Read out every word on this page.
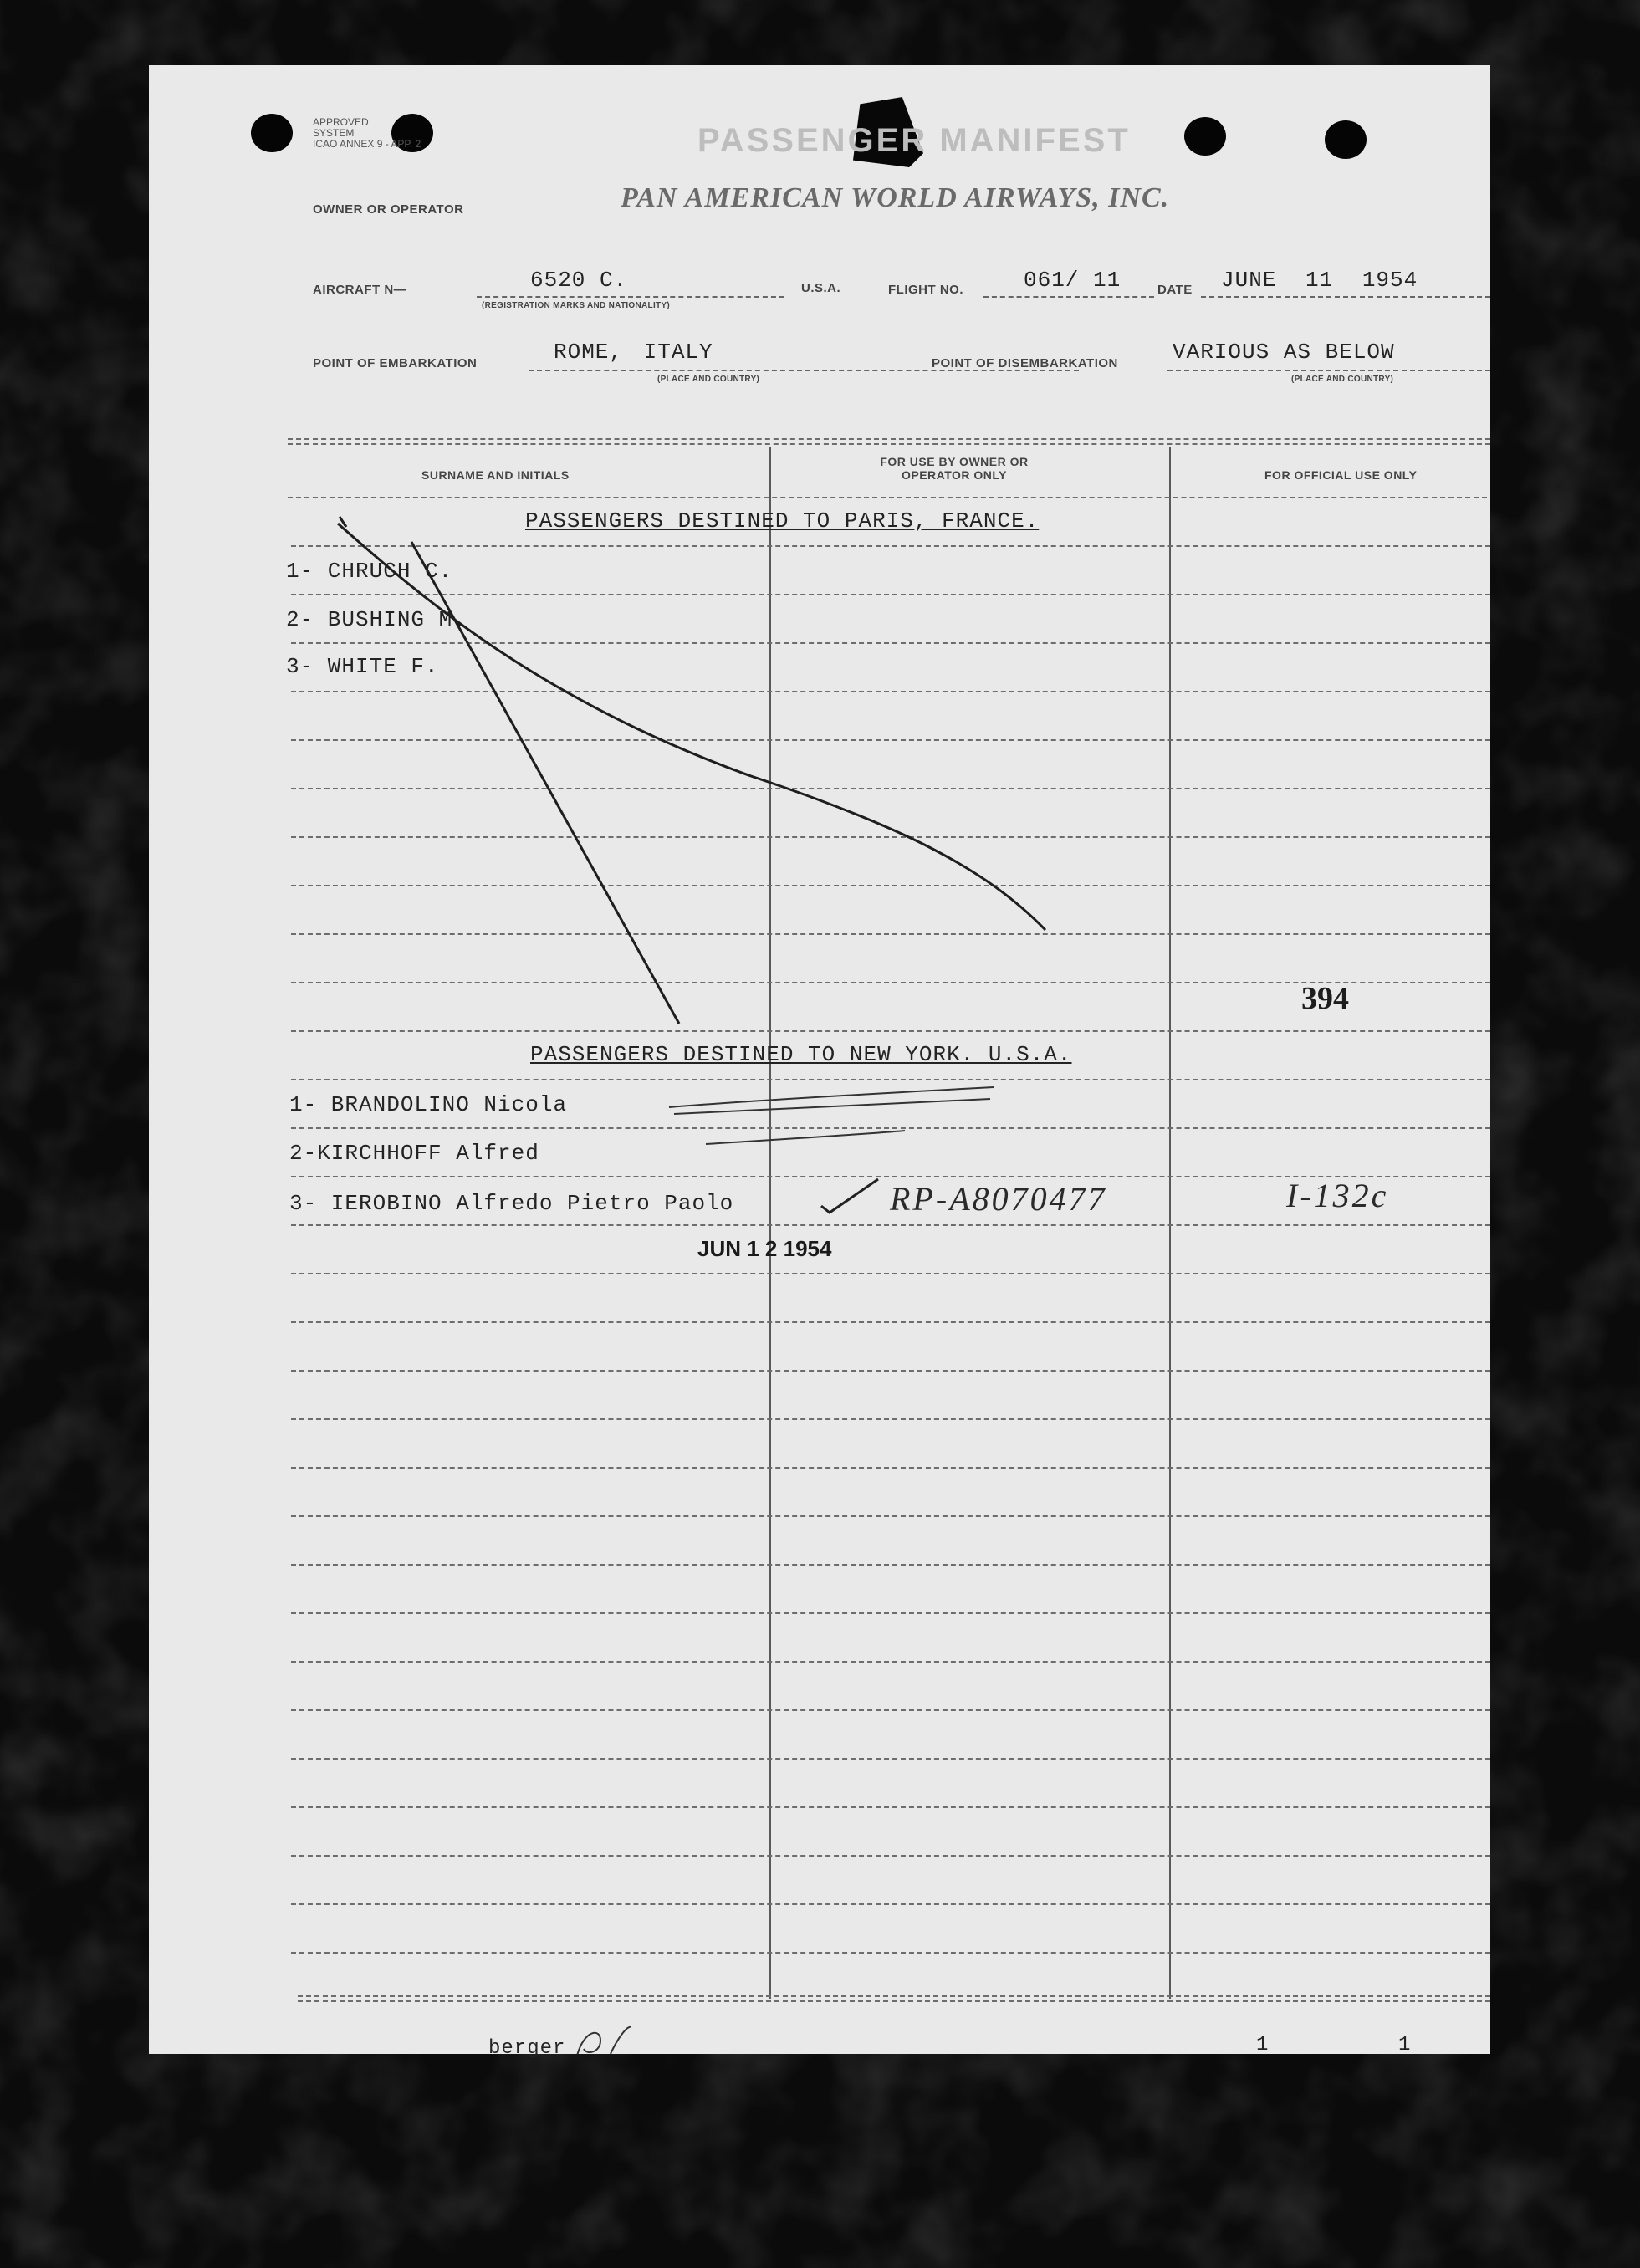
APPROVED
SYSTEM
ICAO ANNEX 9 - APP. 2	PASSENGER MANIFEST
OWNER OR OPERATOR	PAN AMERICAN WORLD AIRWAYS, INC.
AIRCRAFT N—	6520 C.
(REGISTRATION MARKS AND NATIONALITY)
U.S.A.	FLIGHT NO.	061/ 11	DATE JUNE 11 1954
POINT OF EMBARKATION	ROME, ITALY
(PLACE AND COUNTRY)
POINT OF DISEMBARKATION	VARIOUS AS BELOW
(PLACE AND COUNTRY)
SURNAME AND INITIALS
FOR USE BY OWNER OR OPERATOR ONLY	FOR OFFICIAL USE ONLY
PASSENGERS DESTINED TO PARIS, FRANCE.
1- CHRUCH C.
2- BUSHING M.
3- WHITE F.
394
PASSENGERS DESTINED TO NEW YORK. U.S.A.
1- BRANDOLINO Nicola
2-KIRCHHOFF Alfred
3- IEROBINO Alfredo Pietro Paolo	RP-A8070477	I-132c
JUN 1 2 1954
berger	1	1
